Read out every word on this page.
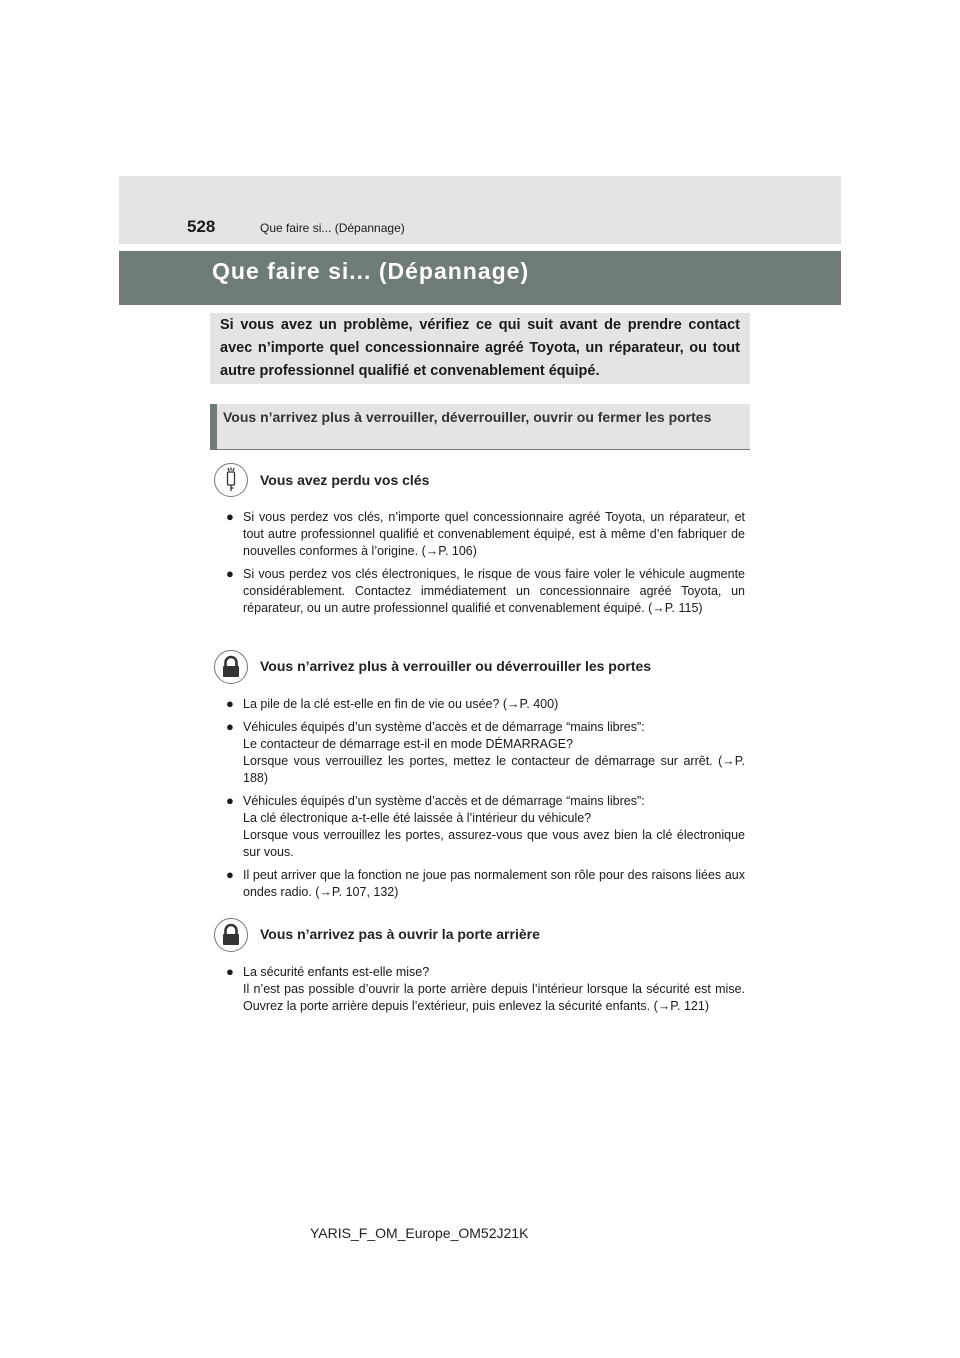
528	Que faire si... (Dépannage)
Que faire si... (Dépannage)
Si vous avez un problème, vérifiez ce qui suit avant de prendre contact avec n’importe quel concessionnaire agréé Toyota, un réparateur, ou tout autre professionnel qualifié et convenablement équipé.
Vous n’arrivez plus à verrouiller, déverrouiller, ouvrir ou fermer les portes
Vous avez perdu vos clés
● Si vous perdez vos clés, n’importe quel concessionnaire agréé Toyota, un réparateur, et tout autre professionnel qualifié et convenablement équipé, est à même d’en fabriquer de nouvelles conformes à l’origine. (→P. 106)
● Si vous perdez vos clés électroniques, le risque de vous faire voler le véhicule augmente considérablement. Contactez immédiatement un concessionnaire agréé Toyota, un réparateur, ou un autre professionnel qualifié et convenablement équipé. (→P. 115)
Vous n’arrivez plus à verrouiller ou déverrouiller les portes
● La pile de la clé est-elle en fin de vie ou usée? (→P. 400)
● Véhicules équipés d’un système d’accès et de démarrage “mains libres”:
Le contacteur de démarrage est-il en mode DÉMARRAGE?
Lorsque vous verrouillez les portes, mettez le contacteur de démarrage sur arrêt. (→P. 188)
● Véhicules équipés d’un système d’accès et de démarrage “mains libres”:
La clé électronique a-t-elle été laissée à l’intérieur du véhicule?
Lorsque vous verrouillez les portes, assurez-vous que vous avez bien la clé électronique sur vous.
● Il peut arriver que la fonction ne joue pas normalement son rôle pour des raisons liées aux ondes radio. (→P. 107, 132)
Vous n’arrivez pas à ouvrir la porte arrière
● La sécurité enfants est-elle mise?
Il n’est pas possible d’ouvrir la porte arrière depuis l’intérieur lorsque la sécurité est mise. Ouvrez la porte arrière depuis l’extérieur, puis enlevez la sécurité enfants. (→P. 121)
YARIS_F_OM_Europe_OM52J21K
